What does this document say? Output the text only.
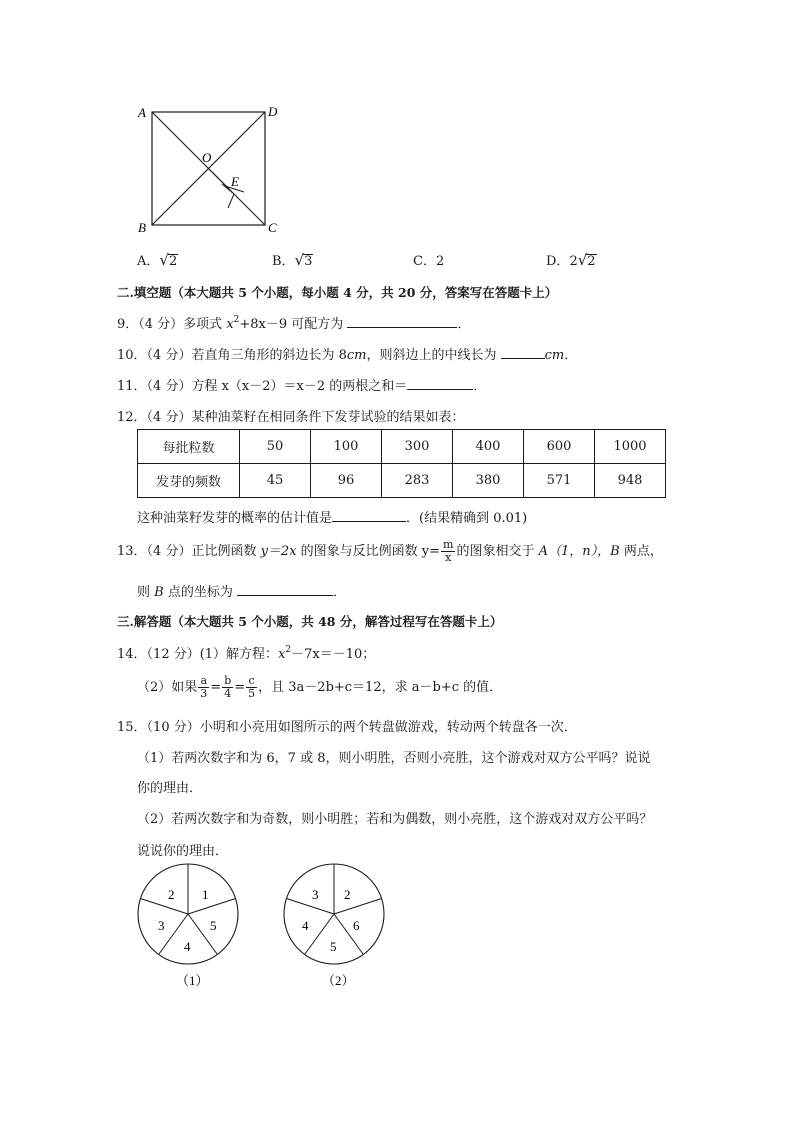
A	D
B	C
O
E
A．√2	B．√3	C．2	D．2√2
二.填空题（本大题共 5 个小题，每小题 4 分，共 20 分，答案写在答题卡上）
9．（4 分）多项式 $x^2+8x-9$ 可配方为	．
10．（4 分）若直角三角形的斜边长为 8cm，则斜边上的中线长为	cm．
11．（4 分）方程 x（x－2）＝x－2 的两根之和＝	．
12．（4 分）某种油菜籽在相同条件下发芽试验的结果如表：
每批粒数	50	100	300	400	600	1000
发芽的频数	45	96	283	380	571	948
这种油菜籽发芽的概率的估计值是	．(结果精确到 0.01)
13．（4 分）正比例函数 y＝2x 的图象与反比例函数 $y= \frac{m}{x}$ 的图象相交于 A（1，n），B 两点，
则 B 点的坐标为	．
三.解答题（本大题共 5 个小题，共 48 分，解答过程写在答题卡上）
14．（12 分）(1）解方程：$x^2-7x=-10$；
（2）如果 $\frac{a}{3} = \frac{b}{4} = \frac{c}{5}$ ，且 3a－2b+c＝12，求 a－b+c 的值．
15．（10 分）小明和小亮用如图所示的两个转盘做游戏，转动两个转盘各一次．
（1）若两次数字和为 6，7 或 8，则小明胜，否则小亮胜，这个游戏对双方公平吗？说说
你的理由．
（2）若两次数字和为奇数，则小明胜；若和为偶数，则小亮胜，这个游戏对双方公平吗？
说说你的理由．
1
5
4
3
2
（1）
2
6
5
4
3
（2）
